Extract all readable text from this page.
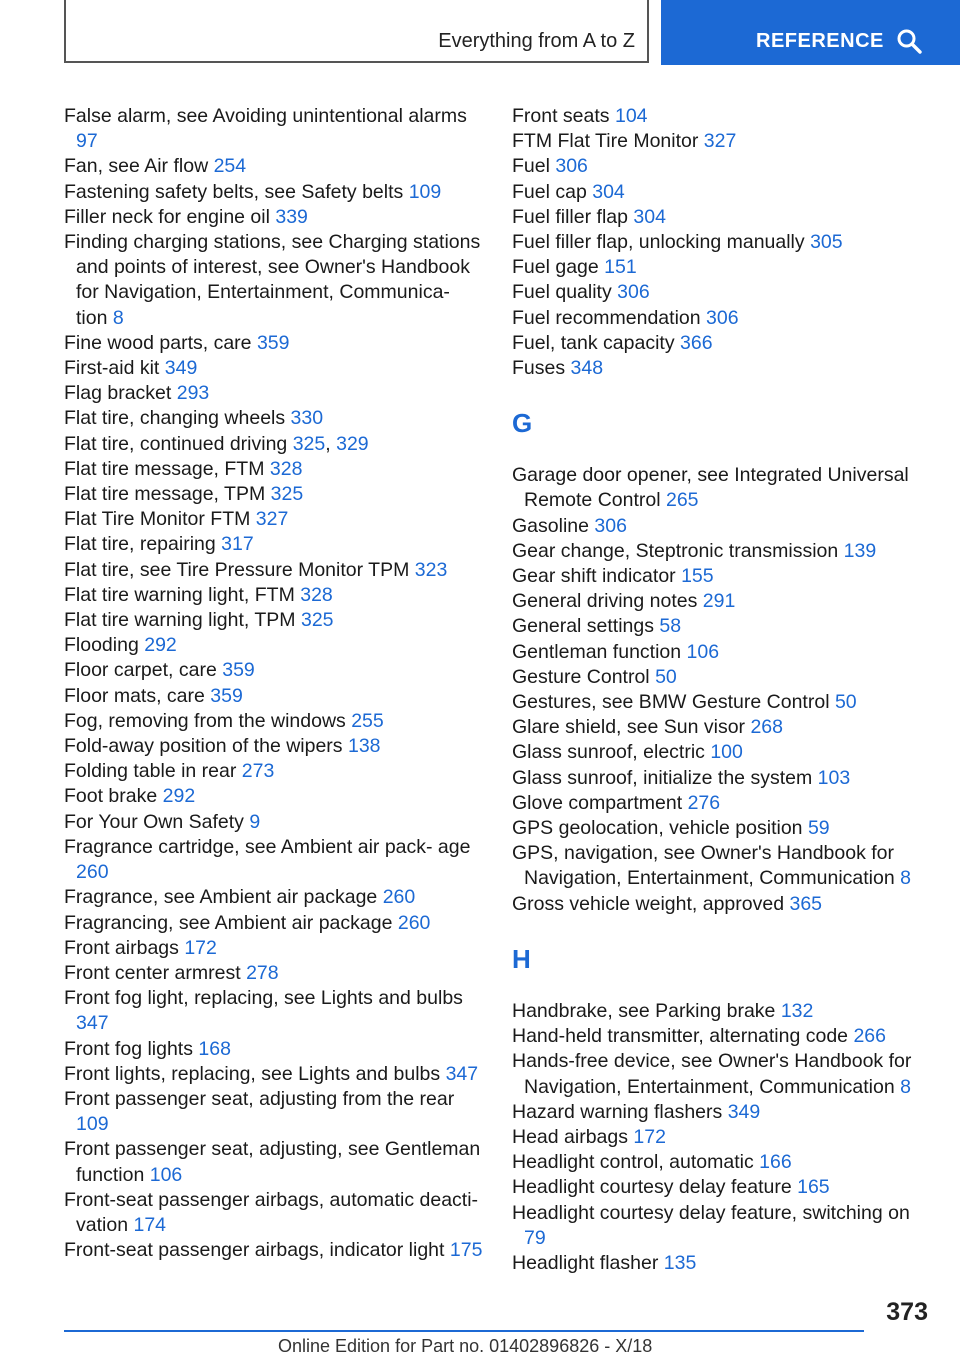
Everything from A to Z	REFERENCE
False alarm, see Avoiding unintentional alarms 97
Fan, see Air flow 254
Fastening safety belts, see Safety belts 109
Filler neck for engine oil 339
Finding charging stations, see Charging stations and points of interest, see Owner's Handbook for Navigation, Entertainment, Communica‐ tion 8
Fine wood parts, care 359
First-aid kit 349
Flag bracket 293
Flat tire, changing wheels 330
Flat tire, continued driving 325, 329
Flat tire message, FTM 328
Flat tire message, TPM 325
Flat Tire Monitor FTM 327
Flat tire, repairing 317
Flat tire, see Tire Pressure Monitor TPM 323
Flat tire warning light, FTM 328
Flat tire warning light, TPM 325
Flooding 292
Floor carpet, care 359
Floor mats, care 359
Fog, removing from the windows 255
Fold-away position of the wipers 138
Folding table in rear 273
Foot brake 292
For Your Own Safety 9
Fragrance cartridge, see Ambient air pack‐ age 260
Fragrance, see Ambient air package 260
Fragrancing, see Ambient air package 260
Front airbags 172
Front center armrest 278
Front fog light, replacing, see Lights and bulbs 347
Front fog lights 168
Front lights, replacing, see Lights and bulbs 347
Front passenger seat, adjusting from the rear 109
Front passenger seat, adjusting, see Gentleman function 106
Front-seat passenger airbags, automatic deacti‐ vation 174
Front-seat passenger airbags, indicator light 175
Front seats 104
FTM Flat Tire Monitor 327
Fuel 306
Fuel cap 304
Fuel filler flap 304
Fuel filler flap, unlocking manually 305
Fuel gage 151
Fuel quality 306
Fuel recommendation 306
Fuel, tank capacity 366
Fuses 348
G
Garage door opener, see Integrated Universal Remote Control 265
Gasoline 306
Gear change, Steptronic transmission 139
Gear shift indicator 155
General driving notes 291
General settings 58
Gentleman function 106
Gesture Control 50
Gestures, see BMW Gesture Control 50
Glare shield, see Sun visor 268
Glass sunroof, electric 100
Glass sunroof, initialize the system 103
Glove compartment 276
GPS geolocation, vehicle position 59
GPS, navigation, see Owner's Handbook for Navigation, Entertainment, Communication 8
Gross vehicle weight, approved 365
H
Handbrake, see Parking brake 132
Hand-held transmitter, alternating code 266
Hands-free device, see Owner's Handbook for Navigation, Entertainment, Communication 8
Hazard warning flashers 349
Head airbags 172
Headlight control, automatic 166
Headlight courtesy delay feature 165
Headlight courtesy delay feature, switching on 79
Headlight flasher 135
373
Online Edition for Part no. 01402896826 - X/18
